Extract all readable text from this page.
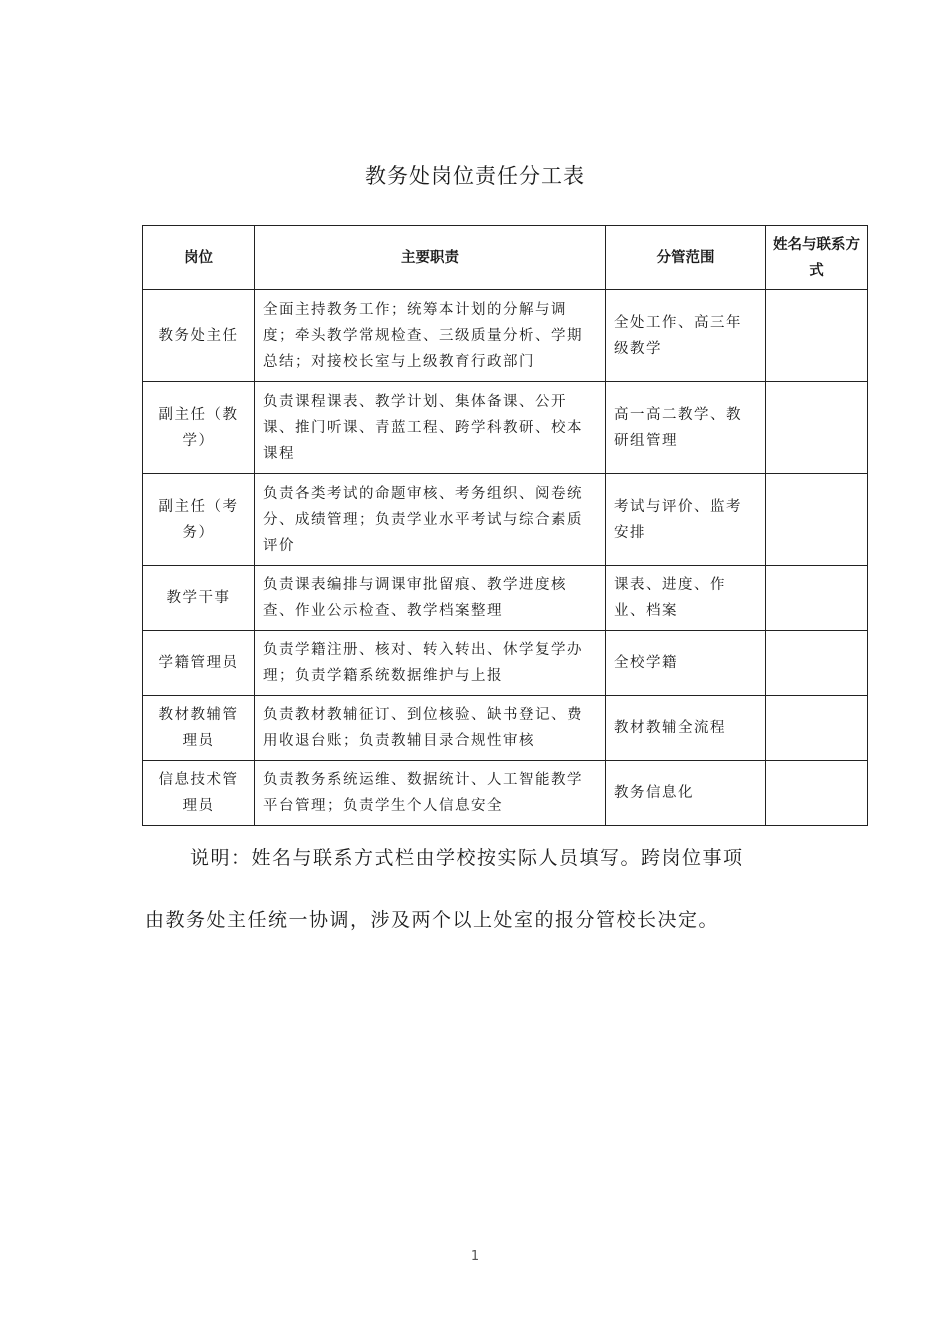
教务处岗位责任分工表
岗位	主要职责	分管范围	姓名与联系方式
教务处主任	全面主持教务工作；统筹本计划的分解与调度；牵头教学常规检查、三级质量分析、学期总结；对接校长室与上级教育行政部门	全处工作、高三年级教学	
副主任（教学）	负责课程课表、教学计划、集体备课、公开课、推门听课、青蓝工程、跨学科教研、校本课程	高一高二教学、教研组管理	
副主任（考务）	负责各类考试的命题审核、考务组织、阅卷统分、成绩管理；负责学业水平考试与综合素质评价	考试与评价、监考安排	
教学干事	负责课表编排与调课审批留痕、教学进度核查、作业公示检查、教学档案整理	课表、进度、作业、档案	
学籍管理员	负责学籍注册、核对、转入转出、休学复学办理；负责学籍系统数据维护与上报	全校学籍	
教材教辅管理员	负责教材教辅征订、到位核验、缺书登记、费用收退台账；负责教辅目录合规性审核	教材教辅全流程	
信息技术管理员	负责教务系统运维、数据统计、人工智能教学平台管理；负责学生个人信息安全	教务信息化	
说明：姓名与联系方式栏由学校按实际人员填写。跨岗位事项
由教务处主任统一协调，涉及两个以上处室的报分管校长决定。
1
